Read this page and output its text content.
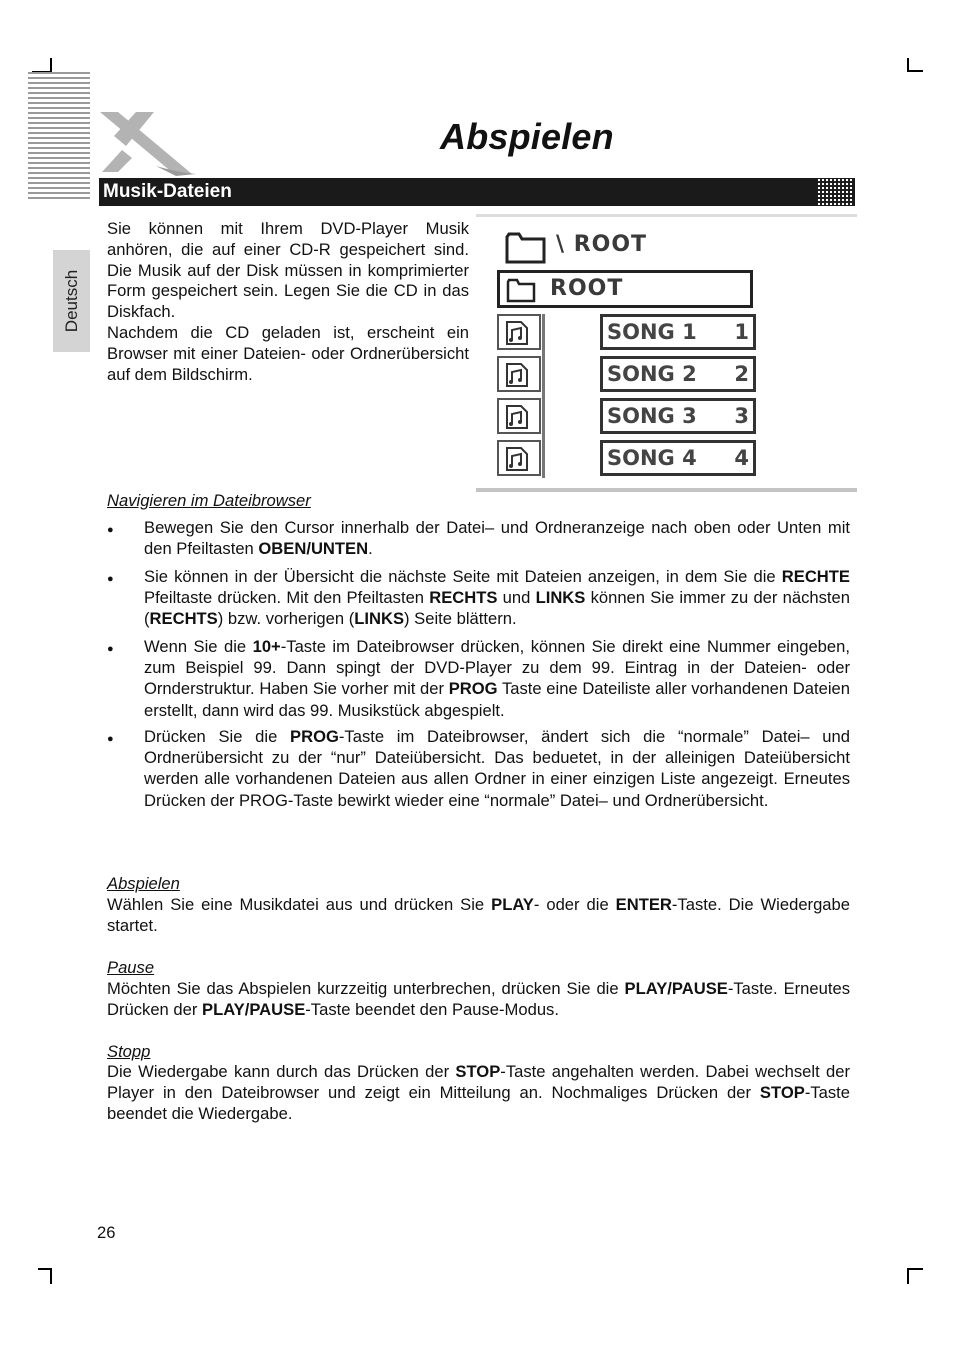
Abspielen
Musik-Dateien
Deutsch

Sie können mit Ihrem DVD-Player Musik anhören, die auf einer CD-R gespeichert sind. Die Musik auf der Disk müssen in komprimierter Form gespeichert sein. Legen Sie die CD in das Diskfach.

Nachdem die CD geladen ist, erscheint ein Browser mit einer Dateien- oder Ordnerübersicht auf dem Bildschirm.

\ ROOT
ROOT
SONG 1 1
SONG 2 2
SONG 3 3
SONG 4 4
Navigieren im Dateibrowser
● Bewegen Sie den Cursor innerhalb der Datei– und Ordneranzeige nach oben oder Unten mit den Pfeiltasten OBEN/UNTEN.
● Sie können in der Übersicht die nächste Seite mit Dateien anzeigen, in dem Sie die RECHTE Pfeiltaste drücken. Mit den Pfeiltasten RECHTS und LINKS können Sie immer zu der nächsten (RECHTS) bzw. vorherigen (LINKS) Seite blättern.
● Wenn Sie die 10+-Taste im Dateibrowser drücken, können Sie direkt eine Nummer eingeben, zum Beispiel 99. Dann spingt der DVD-Player zu dem 99. Eintrag in der Dateien- oder Ornderstruktur. Haben Sie vorher mit der PROG Taste eine Dateiliste aller vorhandenen Dateien erstellt, dann wird das 99. Musikstück abgespielt.
● Drücken Sie die PROG-Taste im Dateibrowser, ändert sich die “normale” Datei– und Ordnerübersicht zu der “nur” Dateiübersicht. Das beduetet, in der alleinigen Dateiübersicht werden alle vorhandenen Dateien aus allen Ordner in einer einzigen Liste angezeigt. Erneutes Drücken der PROG-Taste bewirkt wieder eine “normale” Datei– und Ordnerübersicht.
Abspielen
Wählen Sie eine Musikdatei aus und drücken Sie PLAY- oder die ENTER-Taste. Die Wiedergabe startet.
Pause
Möchten Sie das Abspielen kurzzeitig unterbrechen, drücken Sie die PLAY/PAUSE-Taste. Erneutes Drücken der PLAY/PAUSE-Taste beendet den Pause-Modus.
Stopp
Die Wiedergabe kann durch das Drücken der STOP-Taste angehalten werden. Dabei wechselt der Player in den Dateibrowser und zeigt ein Mitteilung an. Nochmaliges Drücken der STOP-Taste beendet die Wiedergabe.
26
